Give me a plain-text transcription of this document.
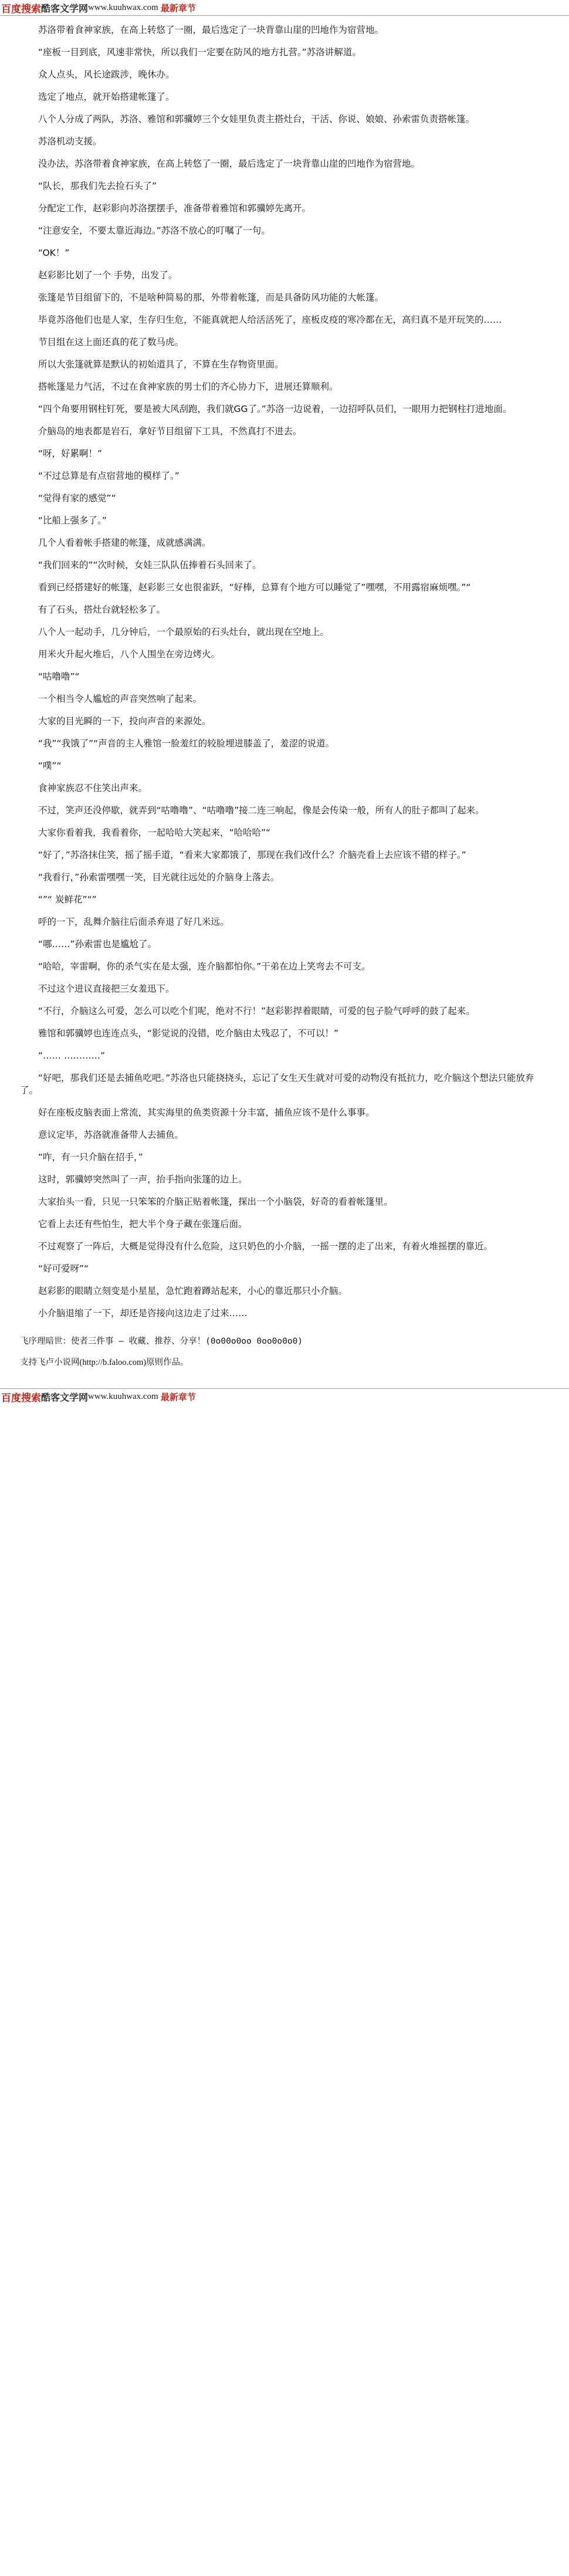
百度搜索 酷客文学网 www.kuuhwax.com 最新章节

苏洛带着食神家族，在高上转悠了一圈，最后选定了一块背靠山崖的凹地作为宿营地。

“座板一目到底，风速非常快，所以我们一定要在防风的地方扎营。”苏洛讲解道。

众人点头，风长途跋涉，晚休办。

选定了地点，就开始搭建帐篷了。

八个人分成了两队，苏洛、雅馆和郭骥婷三个女娃里负责主搭灶台，干活、你说、娘娘、孙索雷负责搭帐篷。

苏洛机动支援。

没办法，苏洛带着食神家族，在高上转悠了一圈，最后选定了一块背靠山崖的凹地作为宿营地。

“队长，那我们先去捡石头了”

分配定工作，赵彩影向苏洛摆摆手，准备带着雅馆和郭骥婷先离开。

“注意安全，不要太靠近海边。”苏洛不放心的叮嘱了一句。

“OK！”

赵彩影比划了一个 手势，出发了。

张篷是节目组留下的，不是啥种简易的那，外带着帐篷，而是具备防风功能的大帐篷。

毕竟苏洛他们也是人家，生存归生危，不能真就把人给活活死了，座板皮疫的寒冷都在无，高归真不是开玩笑的……

节目组在这上面还真的花了数马虎。

所以大张篷就算是默认的初始道具了，不算在生存物资里面。

搭帐篷是力气活，不过在食神家族的男士们的齐心协力下，进展还算顺利。

“四个角要用钢柱钉死，要是被大风刮跑，我们就GG了。”苏洛一边说着，一边招呼队员们，一眼用力把钢柱打进地面。

介脑岛的地表都是岩石，拿好节目组留下工具，不然真打不进去。

“呀，好累啊！”

“不过总算是有点宿营地的模样了。”

“觉得有家的感觉”“

“比船上强多了。”

几个人看着帐手搭建的帐篷，成就感满满。

“我们回来的”“次时候，女娃三队队伍捧着石头回来了。

看到已经搭建好的帐篷，赵彩影三女也很雀跃，“好棒，总算有个地方可以睡觉了”嘿嘿，不用露宿麻烦嘿。”“

有了石头，搭灶台就轻松多了。

八个人一起动手，几分钟后，一个最原始的石头灶台，就出现在空地上。

用米火升起火堆后，八个人围坐在旁边烤火。

“咕噜噜”“

一个相当令人尴尬的声音突然响了起来。

大家的目光瞬的一下，投向声音的来源处。

“我”“我饿了”“声音的主人雅馆一脸羞红的较脸埋进膝盖了，羞涩的说道。

“噗”“

食神家族忍不住笑出声来。

不过，笑声还没停歇，就弄到“咕噜噜”、“咕噜噜”接二连三响起，像是会传染一般，所有人的肚子都叫了起来。

大家你看着我，我看着你，一起哈哈大笑起来，“哈哈哈”“

“好了，”苏洛抹住笑，摇了摇手道，“看来大家都饿了，那现在我们改什么？介脑壳看上去应该不错的样子。”

“我看行，”孙索雷嘿嘿一笑，目光就往远处的介脑身上落去。

“”“ 炭鲜花”“”

呼的一下，乱舞介脑往后面杀弃退了好几米远。

“哪……”孙索雷也是尴尬了。

“哈哈，宰雷啊，你的杀气实在是太强，连介脑都怕你。”干弟在边上笑弯去不可支。

不过这个进议直接把三女羞迅下。

“不行，介脑这么可爱，怎么可以吃个们呢，绝对不行！”赵彩影捍着眼睛，可爱的包子脸气呼呼的鼓了起来。

雅馆和郭骥婷也连连点头，“影觉说的没错，吃介脑由太残忍了，不可以！”

“…… …………”

“好吧，那我们还是去捕鱼吃吧。”苏洛也只能挠挠头，忘记了女生天生就对可爱的动物没有抵抗力，吃介脑这个想法只能放弃了。

好在座板皮脑表面上常流，其实海里的鱼类资源十分丰富，捕鱼应该不是什么事事。

意议定毕，苏洛就准备带人去捕鱼。

“咋，有一只介脑在招手，”

这时，郭骥婷突然叫了一声，抬手指向张篷的边上。

大家抬头一看，只见一只笨笨的介脑正贴着帐篷，探出一个小脑袋，好奇的看着帐篷里。

它看上去还有些怕生，把大半个身子藏在张篷后面。

不过观察了一阵后，大概是觉得没有什么危险，这只奶色的小介脑，一摇一摆的走了出来，有着火堆摇摆的靠近。

“好可爱呀”“

赵彩影的眼睛立刻变是小星星，急忙跑着蹲站起来，小心的靠近那只小介脑。

小介脑退缩了一下，却还是咨接向这边走了过来……

飞序理暗世：使者三件事 – 收藏、推荐、分享！(0o00o0oo 0oo0o0o0)

支持飞卢小说网(http://b.faloo.com)原则作品。

百度搜索 酷客文学网 www.kuuhwax.com 最新章节
